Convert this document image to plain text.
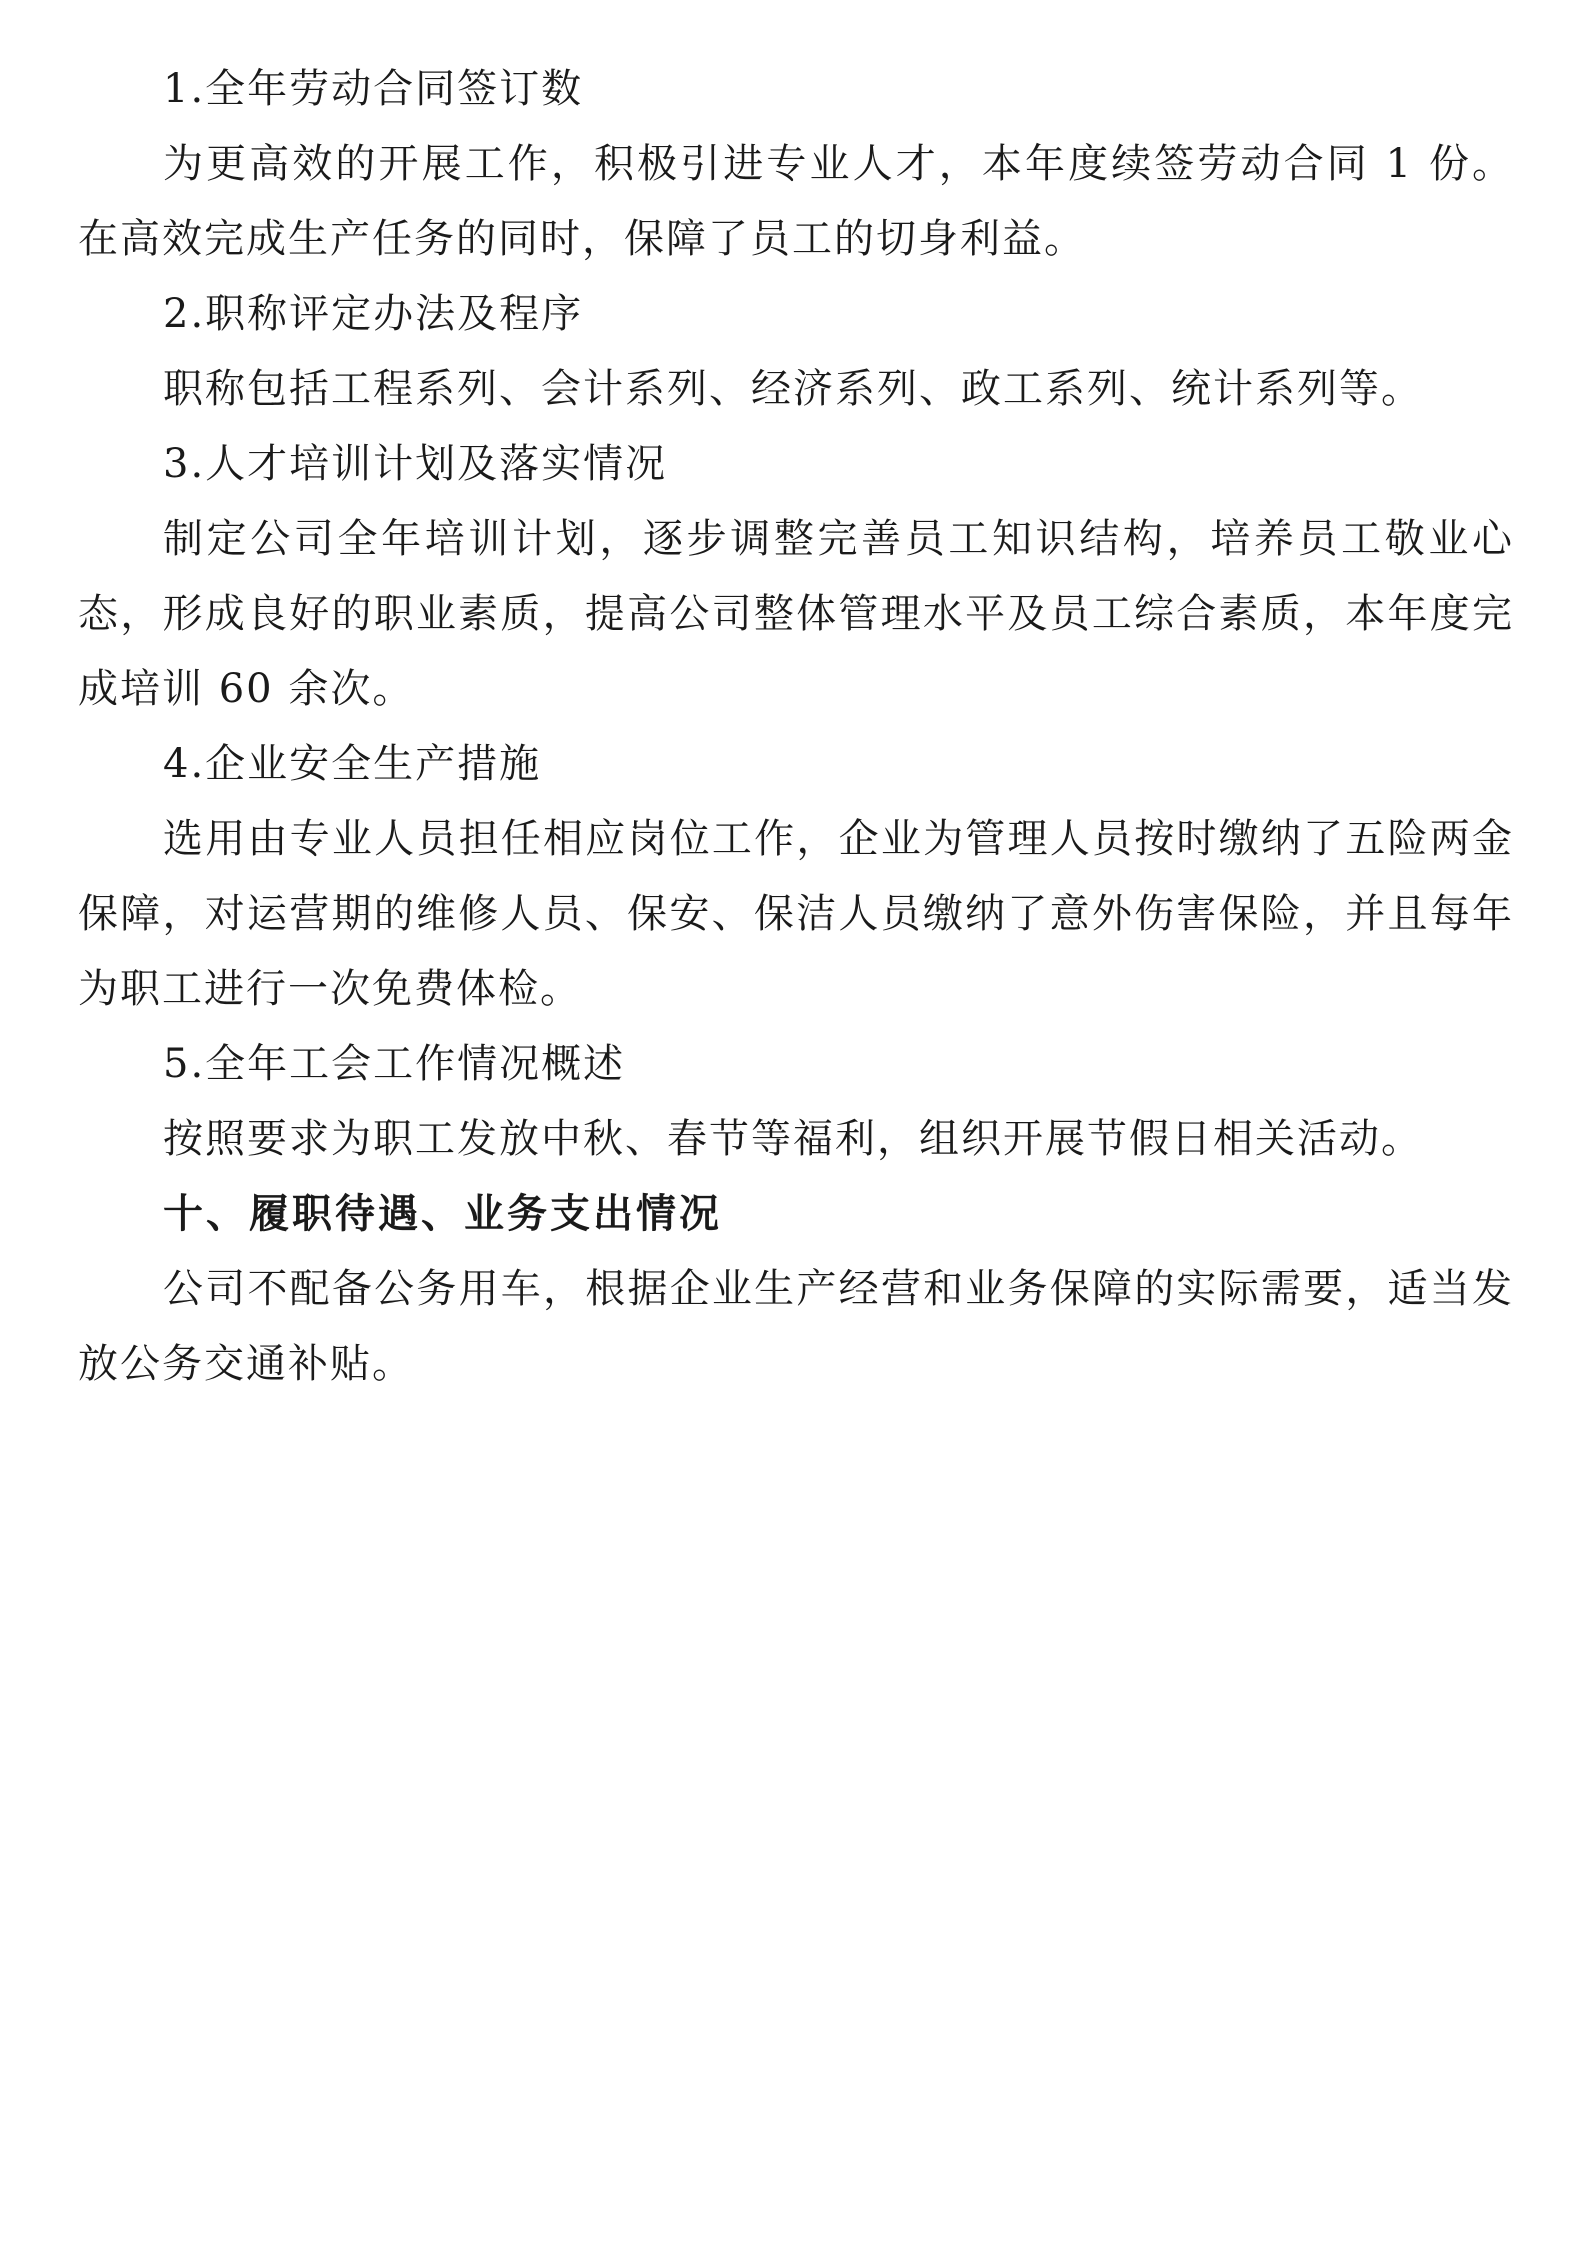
1.全年劳动合同签订数

为更高效的开展工作，积极引进专业人才，本年度续签劳动合同 1 份。在高效完成生产任务的同时，保障了员工的切身利益。

2.职称评定办法及程序

职称包括工程系列、会计系列、经济系列、政工系列、统计系列等。

3.人才培训计划及落实情况

制定公司全年培训计划，逐步调整完善员工知识结构，培养员工敬业心态，形成良好的职业素质，提高公司整体管理水平及员工综合素质，本年度完成培训 60 余次。

4.企业安全生产措施

选用由专业人员担任相应岗位工作，企业为管理人员按时缴纳了五险两金保障，对运营期的维修人员、保安、保洁人员缴纳了意外伤害保险，并且每年为职工进行一次免费体检。

5.全年工会工作情况概述

按照要求为职工发放中秋、春节等福利，组织开展节假日相关活动。

十、履职待遇、业务支出情况

公司不配备公务用车，根据企业生产经营和业务保障的实际需要，适当发放公务交通补贴。
